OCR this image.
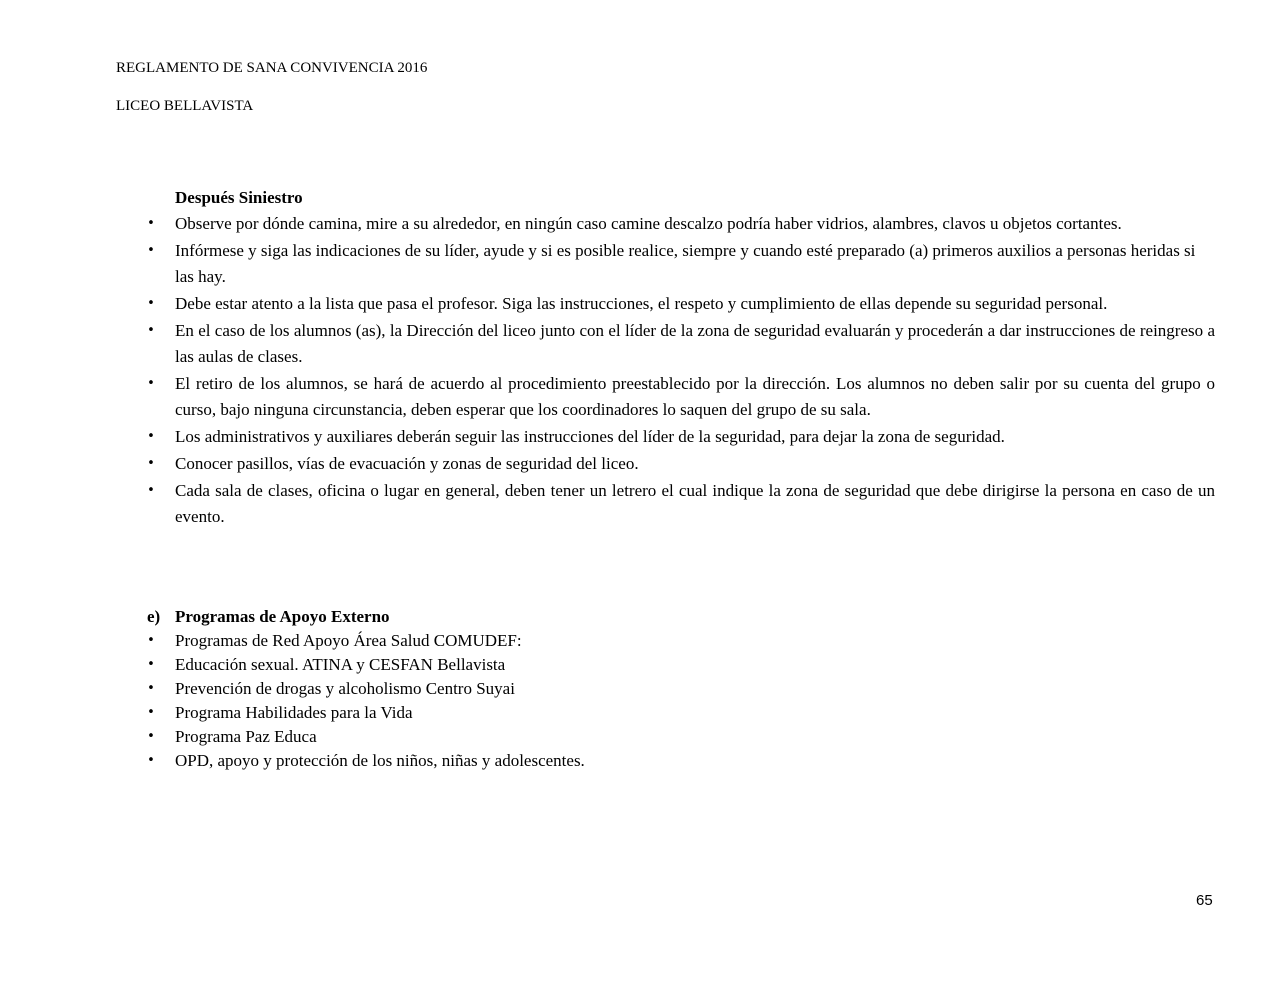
REGLAMENTO DE SANA CONVIVENCIA 2016
LICEO BELLAVISTA
Después Siniestro
• Observe por dónde camina, mire a su alrededor, en ningún caso camine descalzo podría haber vidrios, alambres, clavos u objetos cortantes.
• Infórmese y siga las indicaciones de su líder, ayude y si es posible realice, siempre y cuando esté preparado (a) primeros auxilios a personas heridas si las hay.
• Debe estar atento a la lista que pasa el profesor. Siga las instrucciones, el respeto y cumplimiento de ellas depende su seguridad personal.
• En el caso de los alumnos (as), la Dirección del liceo junto con el líder de la zona de seguridad evaluarán y procederán a dar instrucciones de reingreso a las aulas de clases.
• El retiro de los alumnos, se hará de acuerdo al procedimiento preestablecido por la dirección. Los alumnos no deben salir por su cuenta del grupo o curso, bajo ninguna circunstancia, deben esperar que los coordinadores lo saquen del grupo de su sala.
• Los administrativos y auxiliares deberán seguir las instrucciones del líder de la seguridad, para dejar la zona de seguridad.
• Conocer pasillos, vías de evacuación y zonas de seguridad del liceo.
• Cada sala de clases, oficina o lugar en general, deben tener un letrero el cual indique la zona de seguridad que debe dirigirse la persona en caso de un evento.
e) Programas de Apoyo Externo
• Programas de Red Apoyo Área Salud COMUDEF:
• Educación sexual. ATINA y CESFAN Bellavista
• Prevención de drogas y alcoholismo Centro Suyai
• Programa Habilidades para la Vida
• Programa Paz Educa
• OPD, apoyo y protección de los niños, niñas y adolescentes.
65
